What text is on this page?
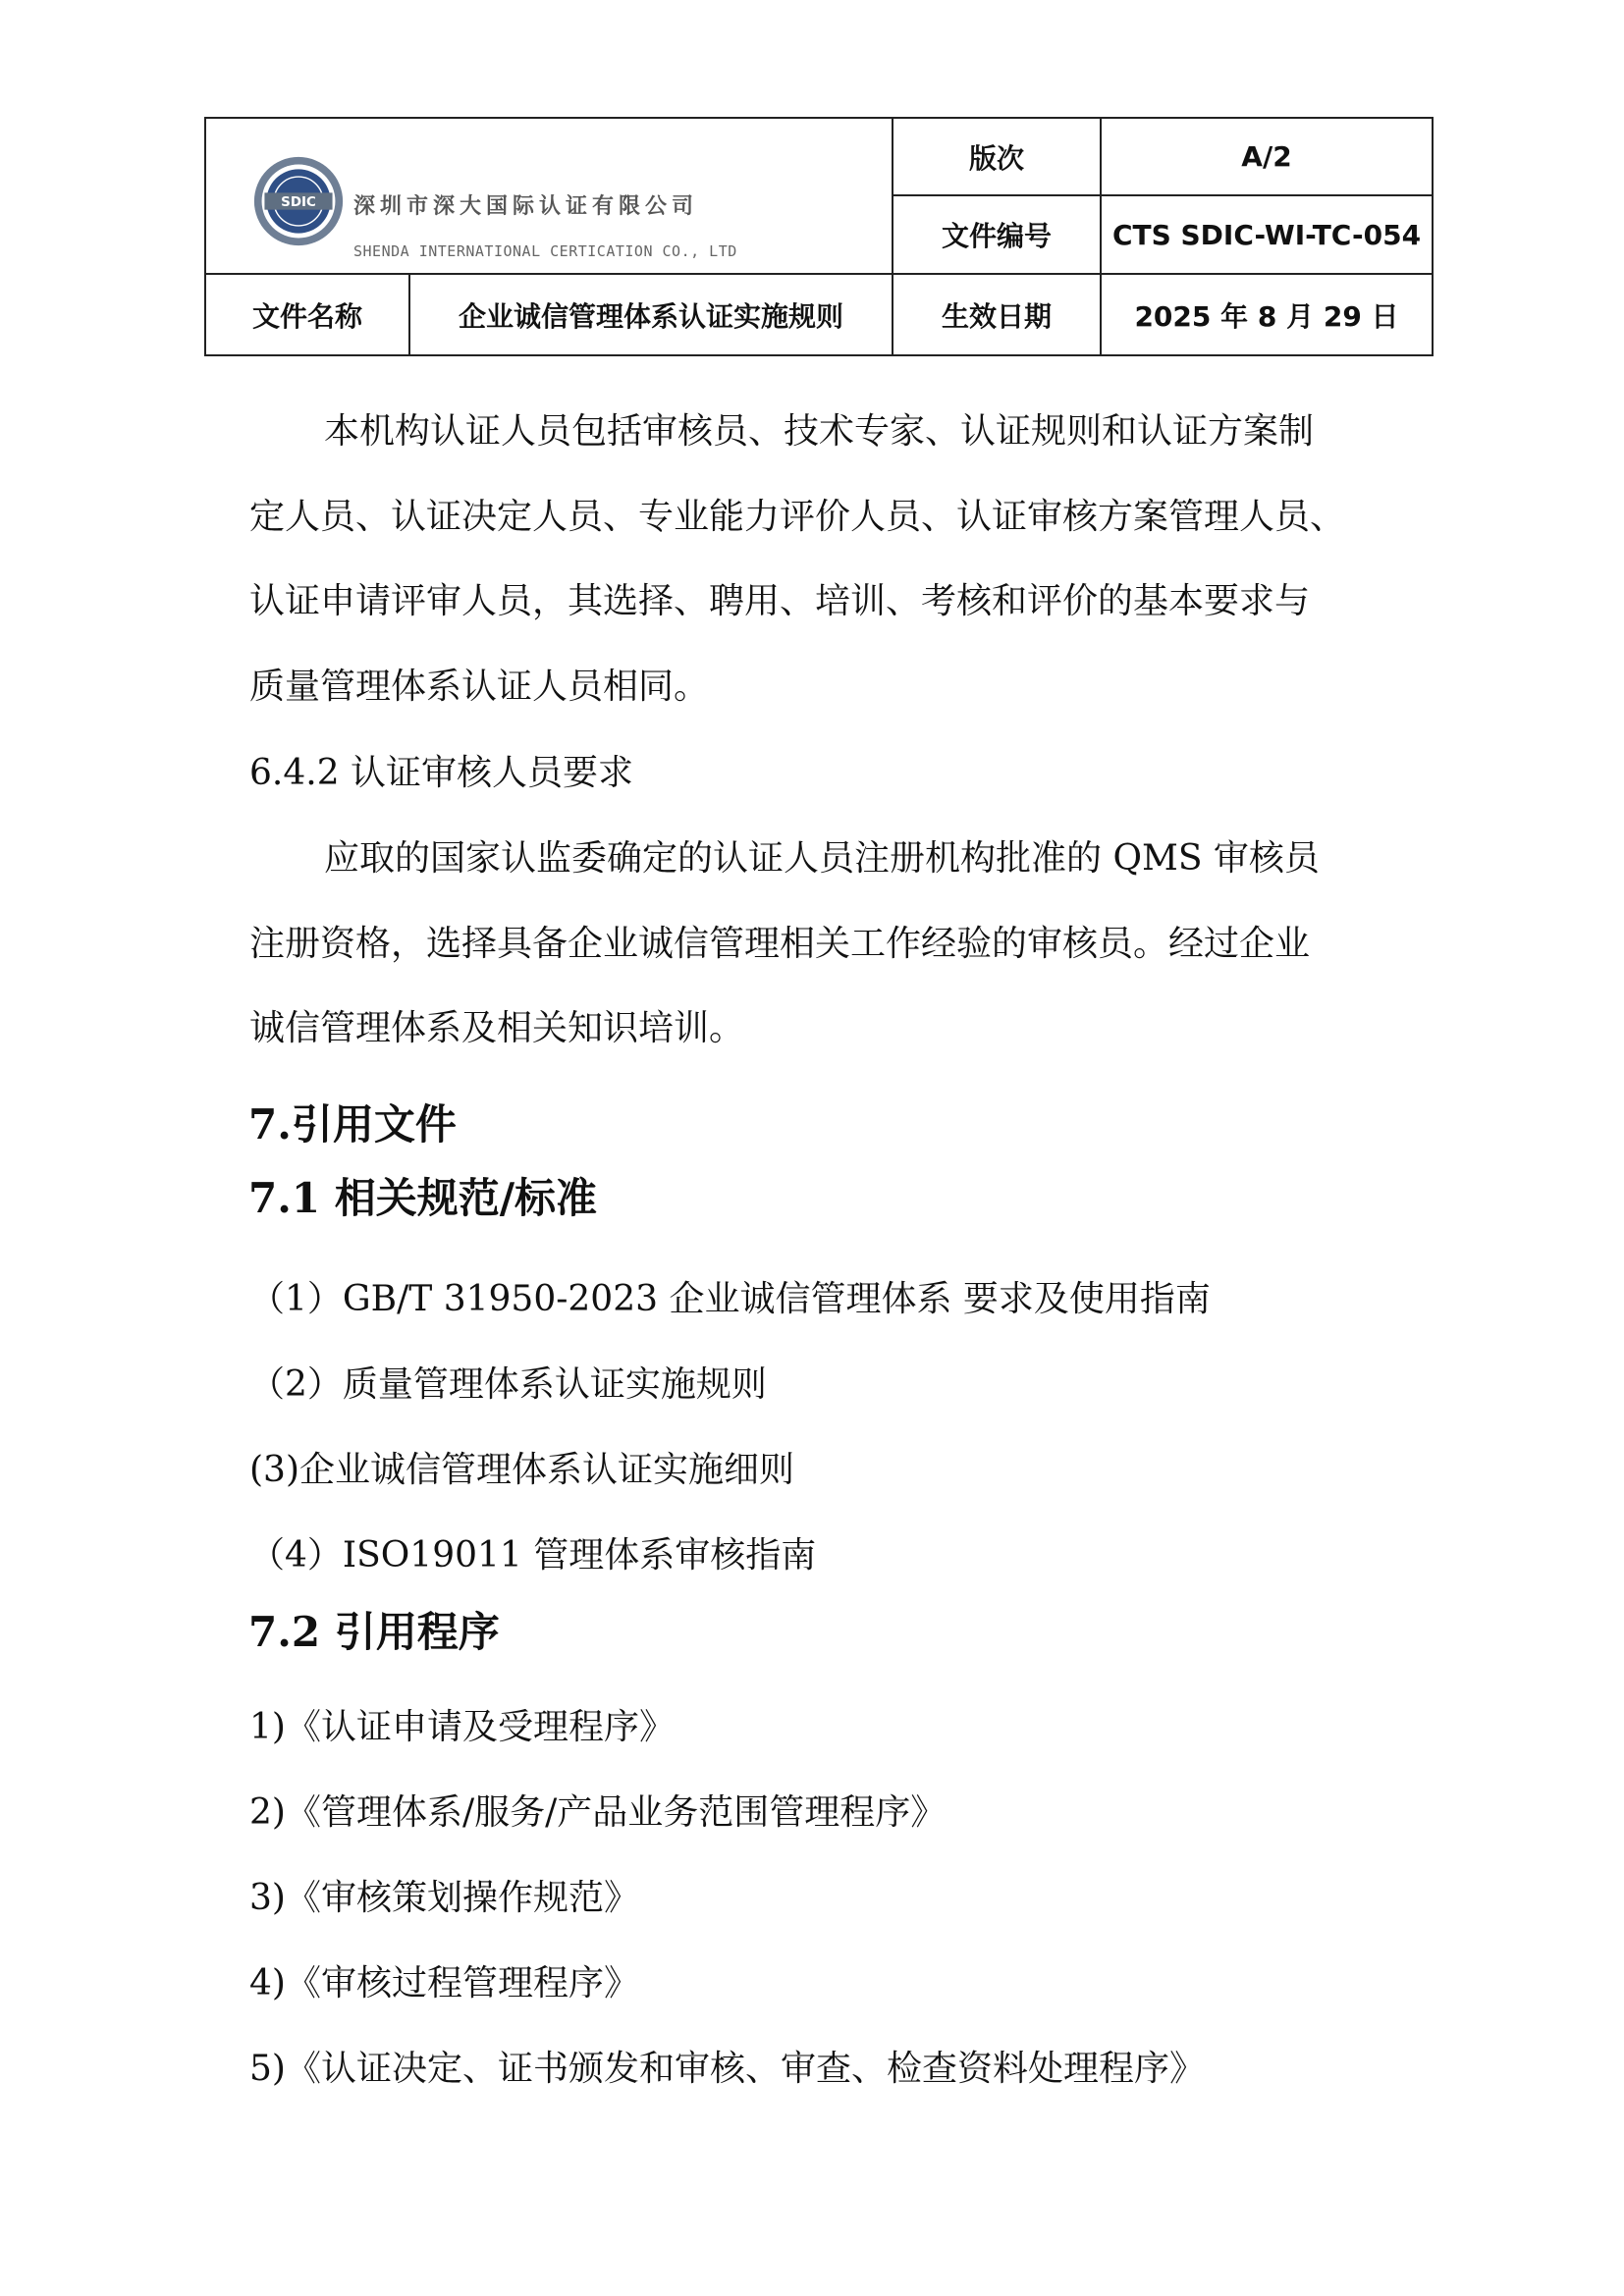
SDIC 深圳市深大国际认证有限公司
SHENDA INTERNATIONAL CERTICATION CO., LTD		版次	A/2
		文件编号	CTS SDIC-WI-TC-054
文件名称	企业诚信管理体系认证实施规则	生效日期	2025 年 8 月 29 日
本机构认证人员包括审核员、技术专家、认证规则和认证方案制
定人员、认证决定人员、专业能力评价人员、认证审核方案管理人员、
认证申请评审人员，其选择、聘用、培训、考核和评价的基本要求与
质量管理体系认证人员相同。
6.4.2 认证审核人员要求
应取的国家认监委确定的认证人员注册机构批准的 QMS 审核员
注册资格，选择具备企业诚信管理相关工作经验的审核员。经过企业
诚信管理体系及相关知识培训。
7.引用文件
7.1 相关规范/标准
（1）GB/T 31950-2023 企业诚信管理体系 要求及使用指南
（2）质量管理体系认证实施规则
(3)企业诚信管理体系认证实施细则
（4）ISO19011 管理体系审核指南
7.2 引用程序
1)《认证申请及受理程序》
2)《管理体系/服务/产品业务范围管理程序》
3)《审核策划操作规范》
4)《审核过程管理程序》
5)《认证决定、证书颁发和审核、审查、检查资料处理程序》
